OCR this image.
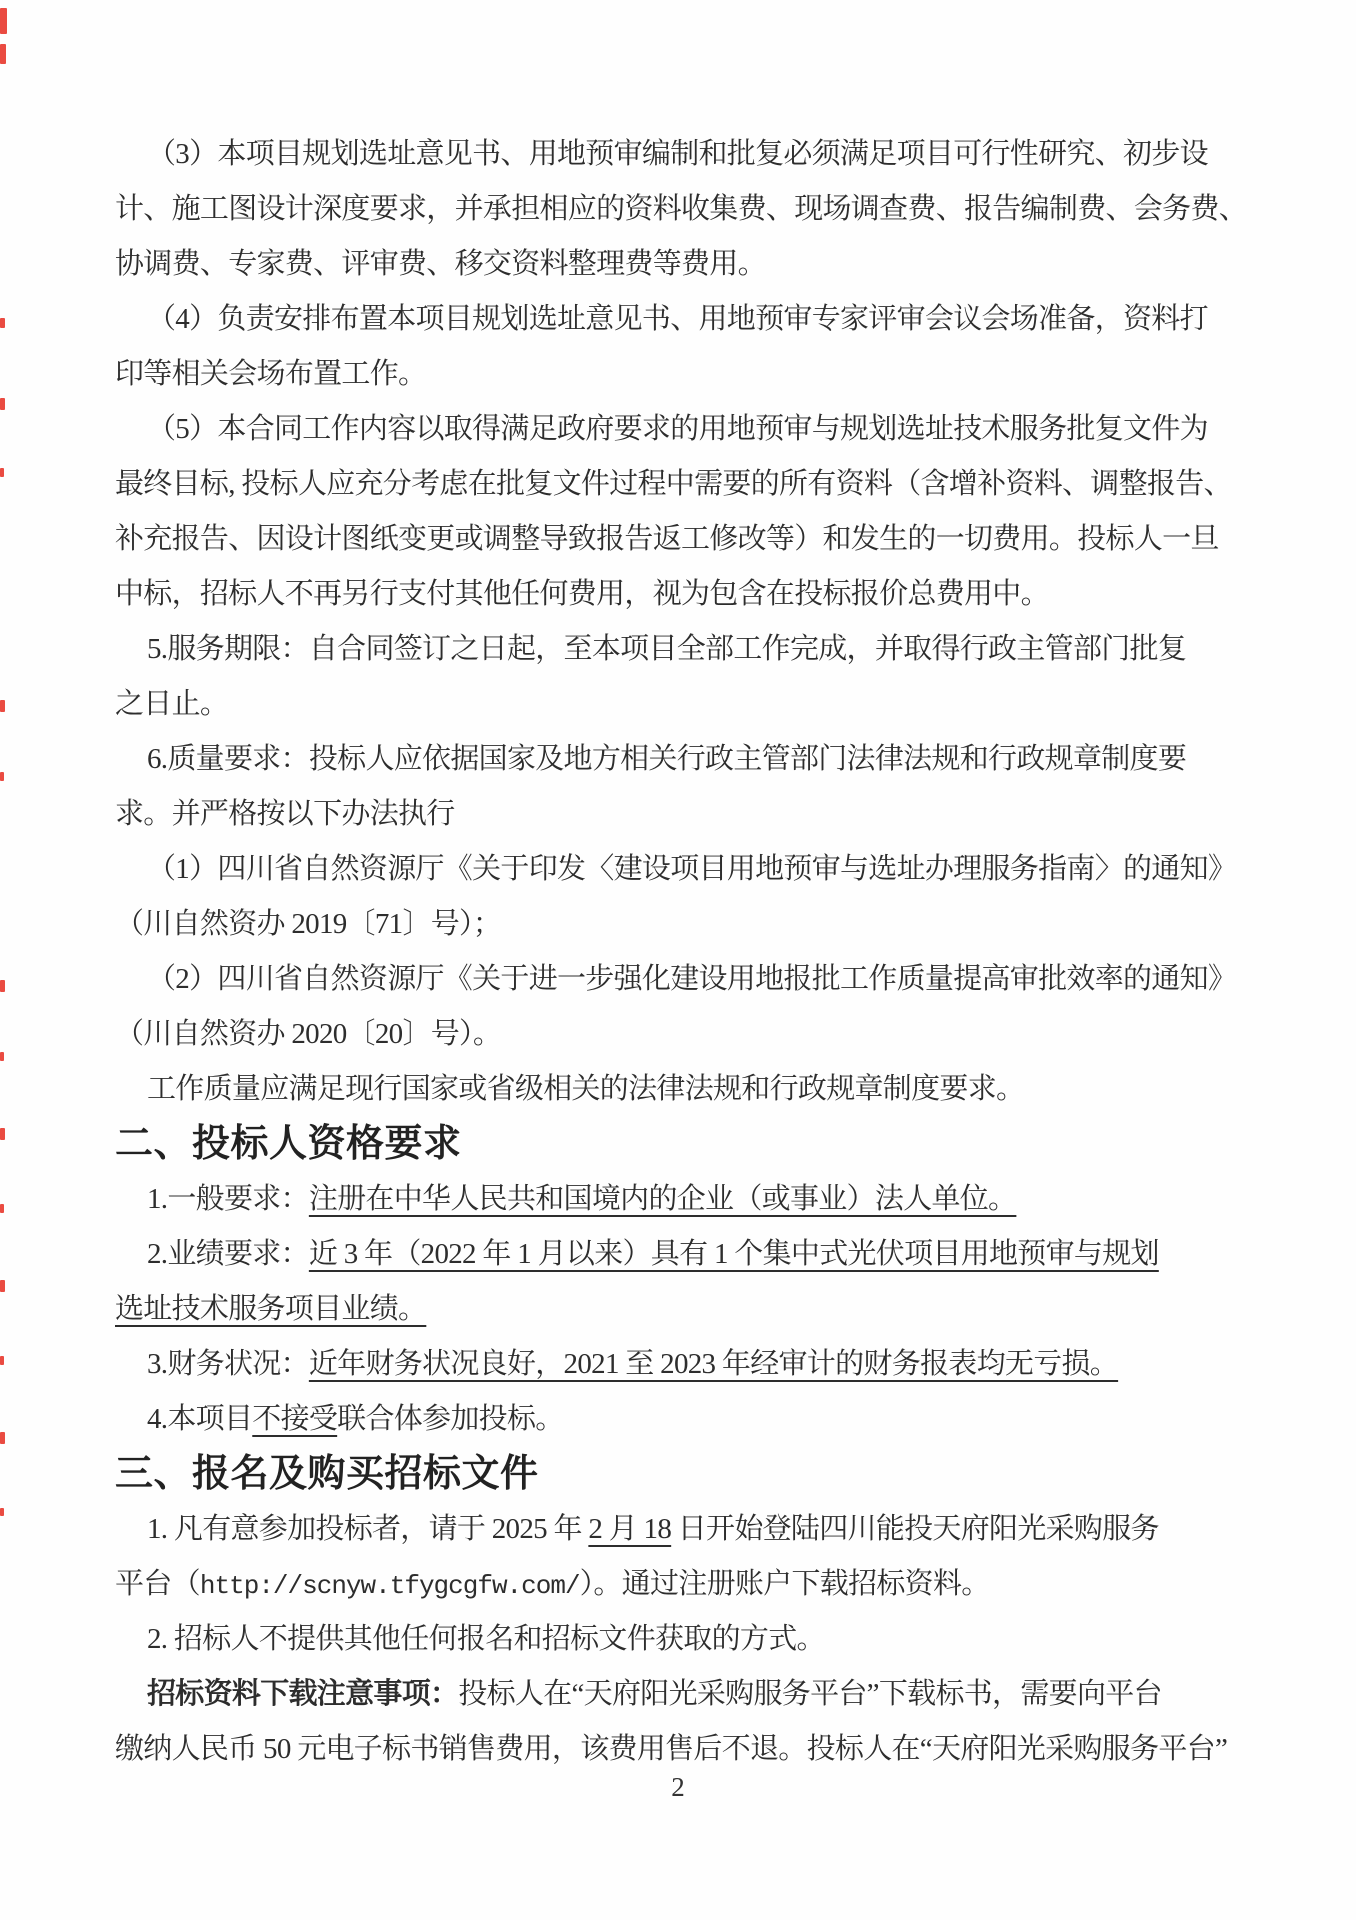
（3）本项目规划选址意见书、用地预审编制和批复必须满足项目可行性研究、初步设
计、施工图设计深度要求，并承担相应的资料收集费、现场调查费、报告编制费、会务费、
协调费、专家费、评审费、移交资料整理费等费用。
（4）负责安排布置本项目规划选址意见书、用地预审专家评审会议会场准备，资料打
印等相关会场布置工作。
（5）本合同工作内容以取得满足政府要求的用地预审与规划选址技术服务批复文件为
最终目标, 投标人应充分考虑在批复文件过程中需要的所有资料（含增补资料、调整报告、
补充报告、因设计图纸变更或调整导致报告返工修改等）和发生的一切费用。投标人一旦
中标，招标人不再另行支付其他任何费用，视为包含在投标报价总费用中。
5.服务期限：自合同签订之日起，至本项目全部工作完成，并取得行政主管部门批复
之日止。
6.质量要求：投标人应依据国家及地方相关行政主管部门法律法规和行政规章制度要
求。并严格按以下办法执行
（1）四川省自然资源厅《关于印发〈建设项目用地预审与选址办理服务指南〉的通知》
（川自然资办 2019〔71〕号）；
（2）四川省自然资源厅《关于进一步强化建设用地报批工作质量提高审批效率的通知》
（川自然资办 2020〔20〕号）。
工作质量应满足现行国家或省级相关的法律法规和行政规章制度要求。
二、投标人资格要求
1.一般要求：注册在中华人民共和国境内的企业（或事业）法人单位。
2.业绩要求：近 3 年（2022 年 1 月以来）具有 1 个集中式光伏项目用地预审与规划
选址技术服务项目业绩。
3.财务状况：近年财务状况良好，2021 至 2023 年经审计的财务报表均无亏损。
4.本项目不接受联合体参加投标。
三、报名及购买招标文件
1. 凡有意参加投标者，请于 2025 年 2 月 18 日开始登陆四川能投天府阳光采购服务
平台（http://scnyw.tfygcgfw.com/）。通过注册账户下载招标资料。
2. 招标人不提供其他任何报名和招标文件获取的方式。
招标资料下载注意事项：投标人在“天府阳光采购服务平台”下载标书，需要向平台
缴纳人民币 50 元电子标书销售费用，该费用售后不退。投标人在“天府阳光采购服务平台”
2
